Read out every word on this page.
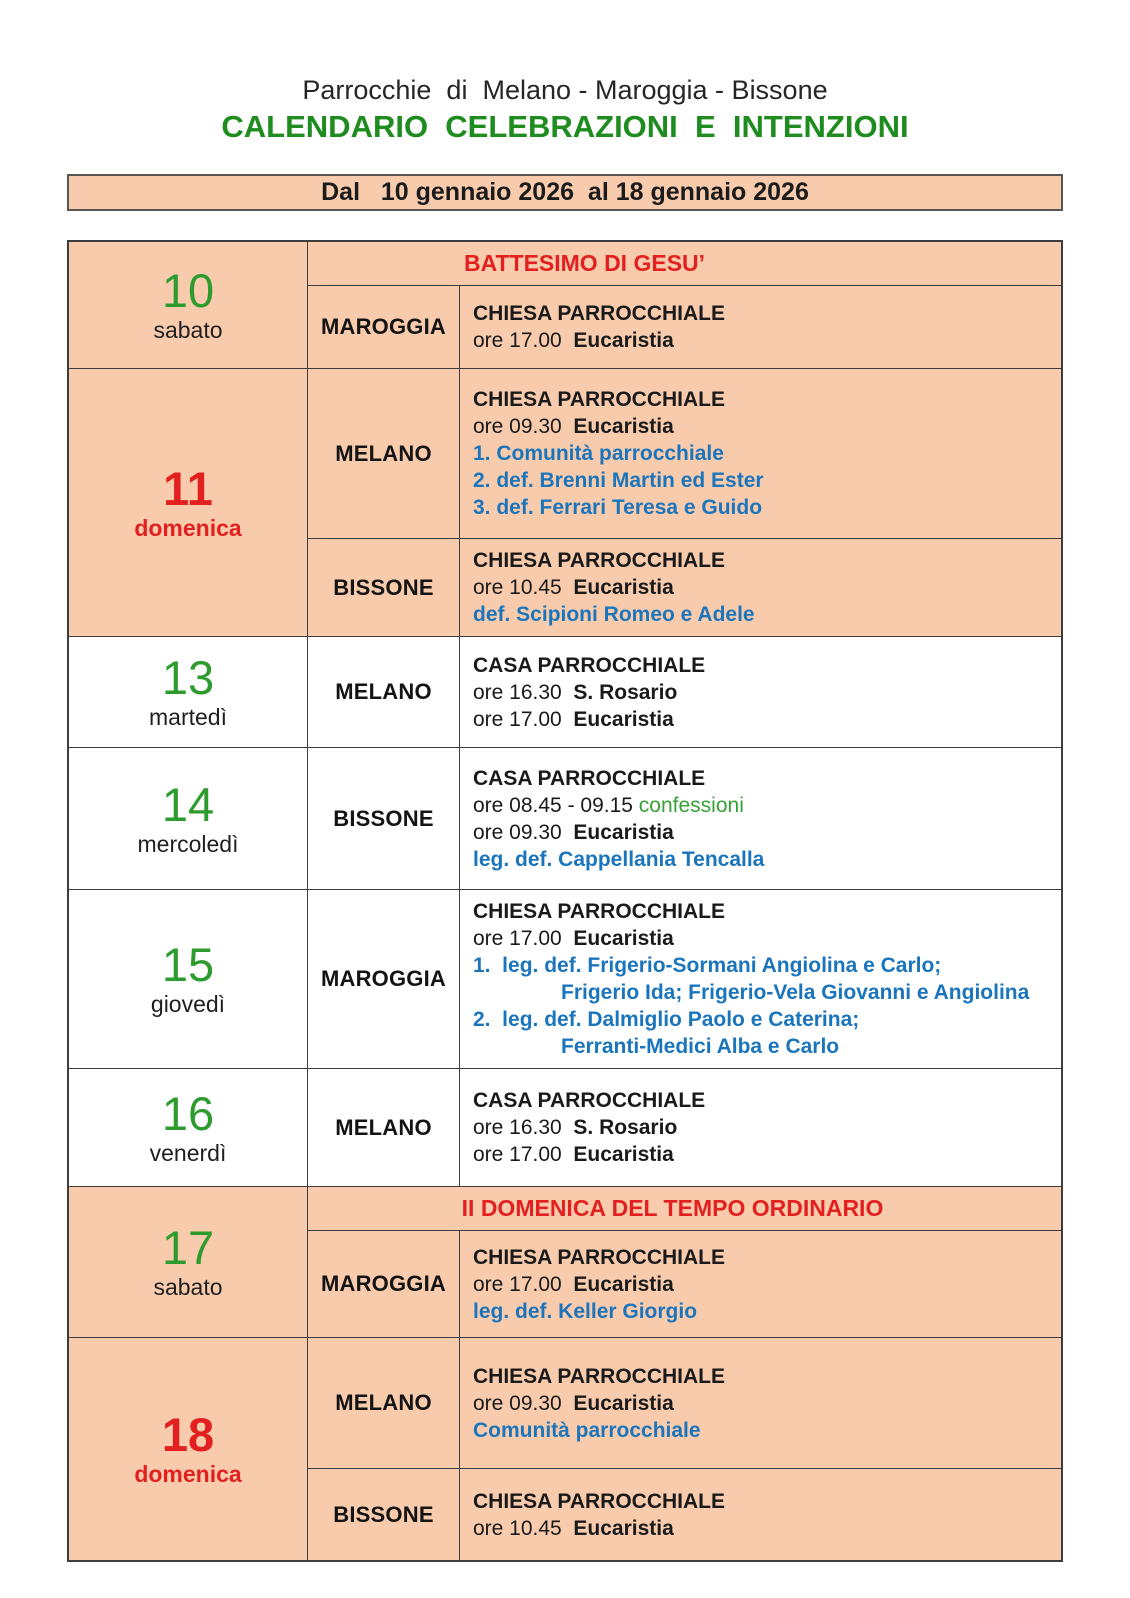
Parrocchie  di  Melano - Maroggia - Bissone
CALENDARIO  CELEBRAZIONI  E  INTENZIONI
Dal   10 gennaio 2026  al 18 gennaio 2026
10
sabato
BATTESIMO DI GESU’
MAROGGIA
CHIESA PARROCCHIALE
ore 17.00  Eucaristia
11
domenica
MELANO
CHIESA PARROCCHIALE
ore 09.30  Eucaristia
1. Comunità parrocchiale
2. def. Brenni Martin ed Ester
3. def. Ferrari Teresa e Guido
BISSONE
CHIESA PARROCCHIALE
ore 10.45  Eucaristia
def. Scipioni Romeo e Adele
13
martedì
MELANO
CASA PARROCCHIALE
ore 16.30  S. Rosario
ore 17.00  Eucaristia
14
mercoledì
BISSONE
CASA PARROCCHIALE
ore 08.45 - 09.15 confessioni
ore 09.30  Eucaristia
leg. def. Cappellania Tencalla
15
giovedì
MAROGGIA
CHIESA PARROCCHIALE
ore 17.00  Eucaristia
1.  leg. def. Frigerio-Sormani Angiolina e Carlo;
Frigerio Ida; Frigerio-Vela Giovanni e Angiolina
2.  leg. def. Dalmiglio Paolo e Caterina;
Ferranti-Medici Alba e Carlo
16
venerdì
MELANO
CASA PARROCCHIALE
ore 16.30  S. Rosario
ore 17.00  Eucaristia
17
sabato
II DOMENICA DEL TEMPO ORDINARIO
MAROGGIA
CHIESA PARROCCHIALE
ore 17.00  Eucaristia
leg. def. Keller Giorgio
18
domenica
MELANO
CHIESA PARROCCHIALE
ore 09.30  Eucaristia
Comunità parrocchiale
BISSONE
CHIESA PARROCCHIALE
ore 10.45  Eucaristia
